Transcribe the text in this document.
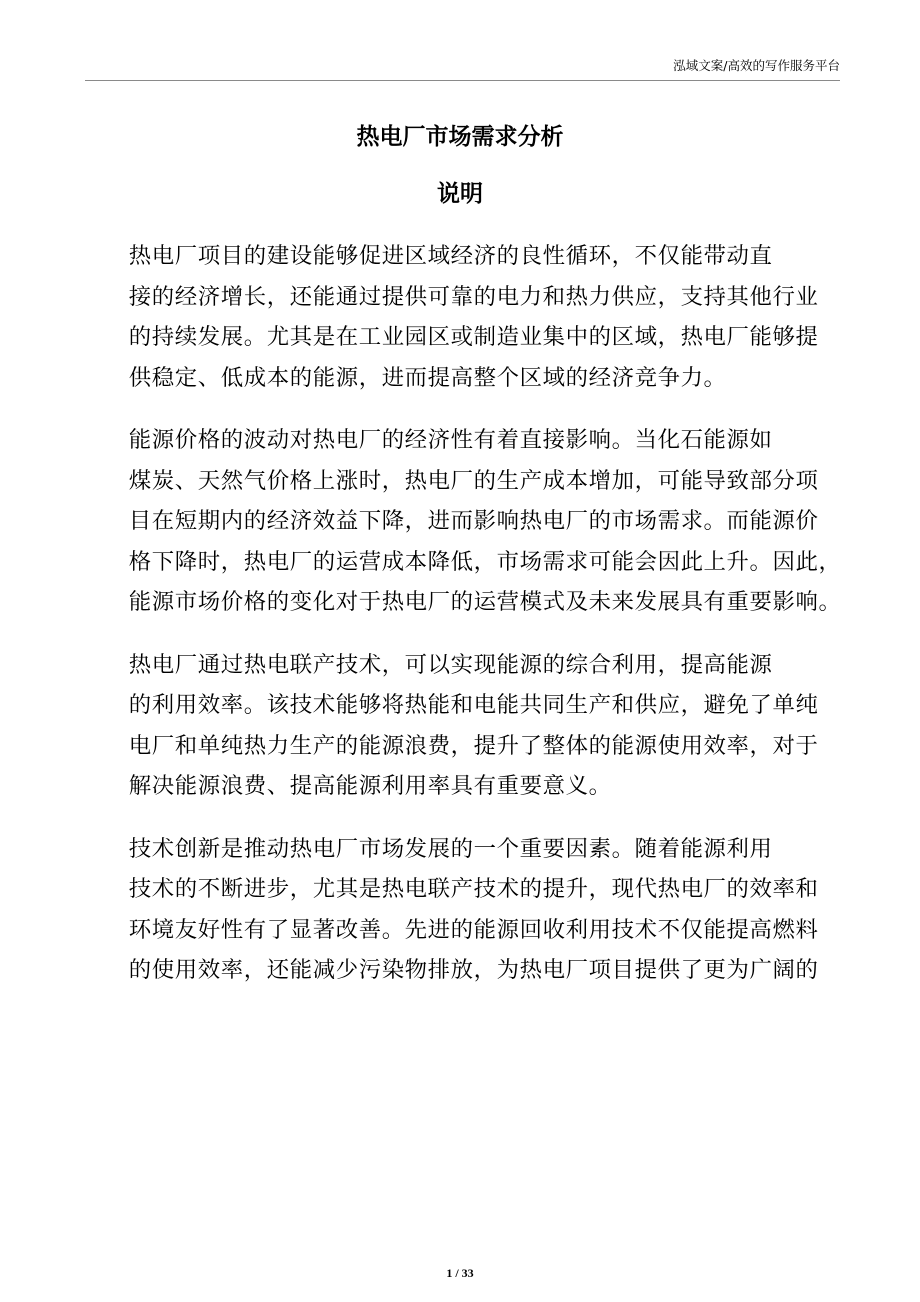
泓域文案/高效的写作服务平台
热电厂市场需求分析
说明

热电厂项目的建设能够促进区域经济的良性循环，不仅能带动直
接的经济增长，还能通过提供可靠的电力和热力供应，支持其他行业
的持续发展。尤其是在工业园区或制造业集中的区域，热电厂能够提
供稳定、低成本的能源，进而提高整个区域的经济竞争力。

能源价格的波动对热电厂的经济性有着直接影响。当化石能源如
煤炭、天然气价格上涨时，热电厂的生产成本增加，可能导致部分项
目在短期内的经济效益下降，进而影响热电厂的市场需求。而能源价
格下降时，热电厂的运营成本降低，市场需求可能会因此上升。因此，
能源市场价格的变化对于热电厂的运营模式及未来发展具有重要影响。

热电厂通过热电联产技术，可以实现能源的综合利用，提高能源
的利用效率。该技术能够将热能和电能共同生产和供应，避免了单纯
电厂和单纯热力生产的能源浪费，提升了整体的能源使用效率，对于
解决能源浪费、提高能源利用率具有重要意义。

技术创新是推动热电厂市场发展的一个重要因素。随着能源利用
技术的不断进步，尤其是热电联产技术的提升，现代热电厂的效率和
环境友好性有了显著改善。先进的能源回收利用技术不仅能提高燃料
的使用效率，还能减少污染物排放，为热电厂项目提供了更为广阔的

1 / 33
